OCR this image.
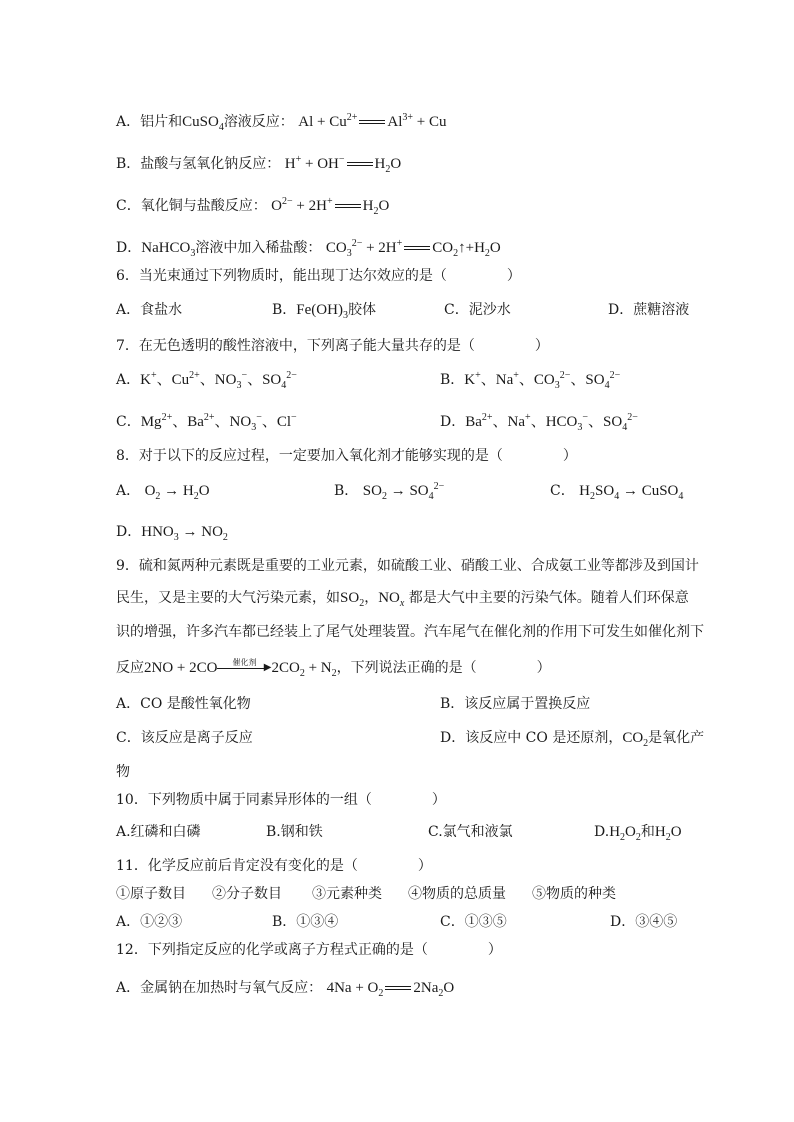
A．铝片和CuSO$_4$溶液反应： $Al + Cu^{2+}$ $Al^{3+} + Cu$
B．盐酸与氢氧化钠反应： H+ + OH− $H_2O$
C．氧化铜与盐酸反应： $O^{2-} + 2H^+$ $H_2O$
D．NaHCO$_3$溶液中加入稀盐酸： $CO_3^{2-} + 2H^+$ $CO_2↑+H_2O$
6．当光束通过下列物质时，能出现丁达尔效应的是（	）
A．食盐水	B．$Fe(OH)_3$胶体	C．泥沙水	D．蔗糖溶液
7．在无色透明的酸性溶液中，下列离子能大量共存的是（	）
A．K+、$Cu^{2+}$、$NO_3^-$、$SO_4^{2-}$	B．K+、Na+、$CO_3^{2-}$、$SO_4^{2-}$
C．$Mg^{2+}$、$Ba^{2+}$、$NO_3^-$、Cl−	D．$Ba^{2+}$、Na+、$HCO_3^-$、$SO_4^{2-}$
8．对于以下的反应过程，一定要加入氧化剂才能够实现的是（	）
A． $O_2 \to H_2O$	B． $SO_2 \to SO_4^{2-}$	C． $H_2SO_4$ → CuSO$_4$
D．$HNO_3 \to NO_2$
9．硫和氮两种元素既是重要的工业元素，如硫酸工业、硝酸工业、合成氨工业等都涉及到国计
民生，又是主要的大气污染元素，如$SO_2$，$NO_x$ 都是大气中主要的污染气体。随着人们环保意
识的增强，许多汽车都已经装上了尾气处理装置。汽车尾气在催化剂的作用下可发生如催化剂下
反应2NO + 2CO	催化剂 ▶ $2CO_2 + N_2$，下列说法正确的是（	）
A．CO 是酸性氧化物	B．该反应属于置换反应
C．该反应是离子反应	D．该反应中 CO 是还原剂，$CO_2$是氧化产
物
10．下列物质中属于同素异形体的一组（	）
A.红磷和白磷	B.钢和铁	C.氯气和液氯	$D.H_2O_2$和$H_2O$
11．化学反应前后肯定没有变化的是（	）
①原子数目 ②分子数目 ③元素种类 ④物质的总质量 ⑤物质的种类
A．①②③	B．①③④	C．①③⑤	D．③④⑤
12．下列指定反应的化学或离子方程式正确的是（	）
A．金属钠在加热时与氧气反应： $4Na + O_2$ $2Na_2O$
